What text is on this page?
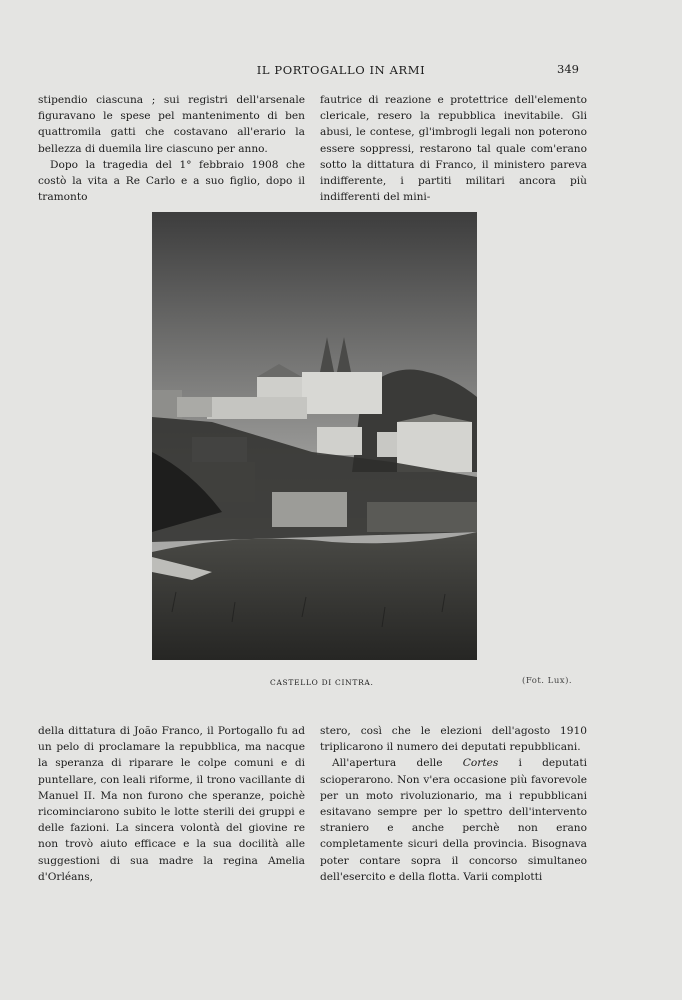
IL PORTOGALLO IN ARMI	349

stipendio ciascuna ; sui registri dell'arsenale figuravano le spese pel mantenimento di ben quattromila gatti che costavano all'erario la bellezza di duemila lire ciascuno per anno.

Dopo la tragedia del 1° febbraio 1908 che costò la vita a Re Carlo e a suo figlio, dopo il tramonto

fautrice di reazione e protettrice dell'elemento clericale, resero la repubblica inevitabile. Gli abusi, le contese, gl'imbrogli legali non poterono essere soppressi, restarono tal quale com'erano sotto la dittatura di Franco, il ministero pareva indifferente, i partiti militari ancora più indifferenti del mini-

CASTELLO DI CINTRA.	(Fot. Lux).

della dittatura di João Franco, il Portogallo fu ad un pelo di proclamare la repubblica, ma nacque la speranza di riparare le colpe comuni e di puntellare, con leali riforme, il trono vacillante di Manuel II. Ma non furono che speranze, poichè ricominciarono subito le lotte sterili dei gruppi e delle fazioni. La sincera volontà del giovine re non trovò aiuto efficace e la sua docilità alle suggestioni di sua madre la regina Amelia d'Orléans,

stero, così che le elezioni dell'agosto 1910 triplicarono il numero dei deputati repubblicani.

All'apertura delle Cortes i deputati scioperarono. Non v'era occasione più favorevole per un moto rivoluzionario, ma i repubblicani esitavano sempre per lo spettro dell'intervento straniero e anche perchè non erano completamente sicuri della provincia. Bisognava poter contare sopra il concorso simultaneo dell'esercito e della flotta. Varii complotti
